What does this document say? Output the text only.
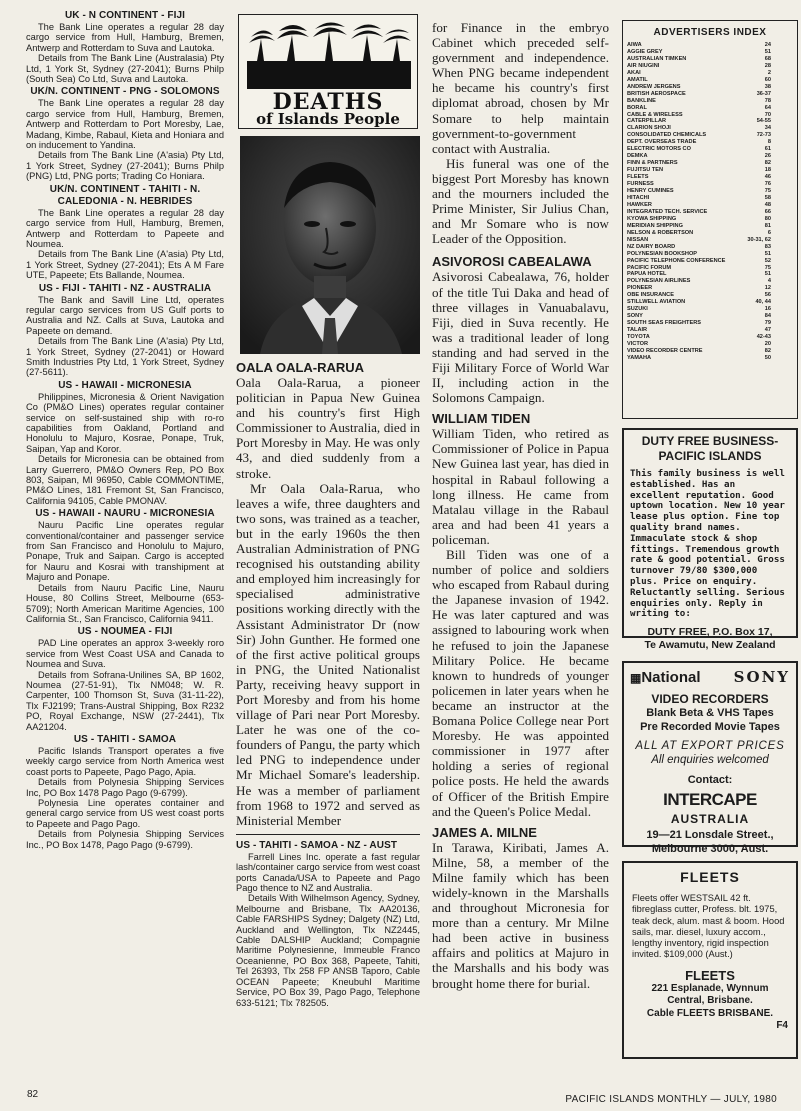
UK - N CONTINENT - FIJI
The Bank Line operates a regular 28 day cargo service from Hull, Hamburg, Bremen, Antwerp and Rotterdam to Suva and Lautoka.
Details from The Bank Line (Australasia) Pty Ltd, 1 York St, Sydney (27-2041); Burns Philp (South Sea) Co Ltd, Suva and Lautoka.
UK/N. CONTINENT - PNG - SOLOMONS
The Bank Line operates a regular 28 day cargo service from Hull, Hamburg, Bremen, Antwerp and Rotterdam to Port Moresby, Lae, Madang, Kimbe, Rabaul, Kieta and Honiara and on inducement to Yandina.
Details from The Bank Line (A'asia) Pty Ltd, 1 York Street, Sydney (27-2041); Burns Philp (PNG) Ltd, PNG ports; Trading Co Honiara.
UK/N. CONTINENT - TAHITI - N. CALEDONIA - N. HEBRIDES
The Bank Line operates a regular 28 day cargo service from Hull, Hamburg, Bremen, Antwerp and Rotterdam to Papeete and Noumea.
Details from The Bank Line (A'asia) Pty Ltd, 1 York Street, Sydney (27-2041); Ets A M Fare UTE, Papeete; Ets Ballande, Noumea.
US - FIJI - TAHITI - NZ - AUSTRALIA
The Bank and Savill Line Ltd, operates regular cargo services from US Gulf ports to Australia and NZ. Calls at Suva, Lautoka and Papeete on demand.
Details from The Bank Line (A'asia) Pty Ltd, 1 York Street, Sydney (27-2041) or Howard Smith Industries Pty Ltd, 1 York Street, Sydney (27-5611).
US - HAWAII - MICRONESIA
Philippines, Micronesia & Orient Navigation Co (PM&O Lines) operates regular container service on self-sustained ship with ro-ro capabilities from Oakland, Portland and Honolulu to Majuro, Kosrae, Ponape, Truk, Saipan, Yap and Koror.
Details for Micronesia can be obtained from Larry Guerrero, PM&O Owners Rep, PO Box 803, Saipan, MI 96950, Cable COMMONTIME, PM&O Lines, 181 Fremont St, San Francisco, California 94105, Cable PMONAV.
US - HAWAII - NAURU - MICRONESIA
Nauru Pacific Line operates regular conventional/container and passenger service from San Francisco and Honolulu to Majuro, Ponape, Truk and Saipan. Cargo is accepted for Nauru and Kosrai with transhipment at Majuro and Ponape.
Details from Nauru Pacific Line, Nauru House, 80 Collins Street, Melbourne (653-5709); North American Maritime Agencies, 100 California St., San Francisco, California 9411.
US - NOUMEA - FIJI
PAD Line operates an approx 3-weekly roro service from West Coast USA and Canada to Noumea and Suva.
Details from Sofrana-Unilines SA, BP 1602, Noumea (27-51-91), Tlx NM048; W. R. Carpenter, 100 Thomson St, Suva (31-11-22), Tlx FJ2199; Trans-Austral Shipping, Box R232 PO, Royal Exchange, NSW (27-2441), Tlx AA21204.
US - TAHITI - SAMOA
Pacific Islands Transport operates a five weekly cargo service from North America west coast ports to Papeete, Pago Pago, Apia.
Details from Polynesia Shipping Services Inc, PO Box 1478 Pago Pago (9-6799).
Polynesia Line operates container and general cargo service from US west coast ports to Papeete and Pago Pago.
Details from Polynesia Shipping Services Inc., PO Box 1478, Pago Pago (9-6799).
DEATHS
of Islands People
OALA OALA-RARUA
Oala Oala-Rarua, a pioneer politician in Papua New Guinea and his country's first High Commissioner to Australia, died in Port Moresby in May. He was only 43, and died suddenly from a stroke.
Mr Oala Oala-Rarua, who leaves a wife, three daughters and two sons, was trained as a teacher, but in the early 1960s the then Australian Administration of PNG recognised his outstanding ability and employed him increasingly for specialised administrative positions working directly with the Assistant Administrator Dr (now Sir) John Gunther. He formed one of the first active political groups in PNG, the United Nationalist Party, receiving heavy support in Port Moresby and from his home village of Pari near Port Moresby. Later he was one of the co-founders of Pangu, the party which led PNG to independence under Mr Michael Somare's leadership. He was a member of parliament from 1968 to 1972 and served as Ministerial Member
US - TAHITI - SAMOA - NZ - AUST
Farrell Lines Inc. operate a fast regular lash/container cargo service from west coast ports Canada/USA to Papeete and Pago Pago thence to NZ and Australia.
Details With Wilhelmson Agency, Sydney, Melbourne and Brisbane, Tlx AA20136, Cable FARSHIPS Sydney; Dalgety (NZ) Ltd, Auckland and Wellington, Tlx NZ2445, Cable DALSHIP Auckland; Compagnie Maritime Polynesienne, Immeuble Franco Oceanienne, PO Box 368, Papeete, Tahiti, Tel 26393, Tlx 258 FP ANSB Taporo, Cable OCEAN Papeete; Kneubuhl Maritime Service, PO Box 39, Pago Pago, Telephone 633-5121; Tlx 782505.
for Finance in the embryo Cabinet which preceded self-government and independence. When PNG became independent he became his country's first diplomat abroad, chosen by Mr Somare to help maintain government-to-government contact with Australia.
His funeral was one of the biggest Port Moresby has known and the mourners included the Prime Minister, Sir Julius Chan, and Mr Somare who is now Leader of the Opposition.
ASIVOROSI CABEALAWA
Asivorosi Cabealawa, 76, holder of the title Tui Daka and head of three villages in Vanuabalavu, Fiji, died in Suva recently. He was a traditional leader of long standing and had served in the Fiji Military Force of World War II, including action in the Solomons Campaign.
WILLIAM TIDEN
William Tiden, who retired as Commissioner of Police in Papua New Guinea last year, has died in hospital in Rabaul following a long illness. He came from Matalau village in the Rabaul area and had been 41 years a policeman.
Bill Tiden was one of a number of police and soldiers who escaped from Rabaul during the Japanese invasion of 1942. He was later captured and was assigned to labouring work when he refused to join the Japanese Military Police. He became known to hundreds of younger policemen in later years when he became an instructor at the Bomana Police College near Port Moresby. He was appointed commissioner in 1977 after holding a series of regional police posts. He held the awards of Officer of the British Empire and the Queen's Police Medal.
JAMES A. MILNE
In Tarawa, Kiribati, James A. Milne, 58, a member of the Milne family which has been widely-known in the Marshalls and throughout Micronesia for more than a century. Mr Milne had been active in business affairs and politics at Majuro in the Marshalls and his body was brought home there for burial.
ADVERTISERS INDEX
AIWA	24
AGGIE GREY	51
AUSTRALIAN TIMKEN	68
AIR NIUGINI	28
AKAI	2
AMATIL	60
ANDREW JERGENS	38
BRITISH AEROSPACE	36-37
BANKLINE	78
BORAL	64
CABLE & WIRELESS	70
CATERPILLAR	54-55
CLARION SHOJI	34
CONSOLIDATED CHEMICALS	72-73
DEPT. OVERSEAS TRADE	8
ELECTRIC MOTORS CO	61
DEMKA	26
FINN & PARTNERS	82
FUJITSU TEN	18
FLEETS	46
FURNESS	76
HENRY CUMINES	75
HITACHI	58
HAWKER	48
INTEGRATED TECH. SERVICE	66
KYOWA SHIPPING	80
MERIDIAN SHIPPING	81
NELSON & ROBERTSON	6
NISSAN	30-31, 62
NZ DAIRY BOARD	83
POLYNESIAN BOOKSHOP	51
PACIFIC TELEPHONE CONFERENCE	52
PACIFIC FORUM	75
PAPUA HOTEL	51
POLYNESIAN AIRLINES	4
PIONEER	12
OBE INSURANCE	56
STILLWELL AVIATION	40, 44
SUZUKI	16
SONY	84
SOUTH SEAS FREIGHTERS	79
TALAIR	47
TOYOTA	42-43
VICTOR	20
VIDEO RECORDER CENTRE	82
YAMAHA	50
DUTY FREE BUSINESS-
PACIFIC ISLANDS
This family business is well established. Has an excellent reputation. Good uptown location. New 10 year lease plus option. Fine top quality brand names. Immaculate stock & shop fittings. Tremendous growth rate & good potential. Gross turnover 79/80 $300,000 plus. Price on enquiry. Reluctantly selling. Serious enquiries only. Reply in writing to:
DUTY FREE, P.O. Box 17,
Te Awamutu, New Zealand
▦National SONY
VIDEO RECORDERS
Blank Beta & VHS Tapes
Pre Recorded Movie Tapes
ALL AT EXPORT PRICES
All enquiries welcomed
Contact:
INTERCAPE AUSTRALIA
19—21 Lonsdale Street.,
Melbourne 3000, Aust.
FLEETS
Fleets offer WESTSAIL 42 ft. fibreglass cutter, Profess. blt. 1975, teak deck, alum. mast & boom. Hood sails, mar. diesel, luxury accom., lengthy inventory, rigid inspection invited. $109,000 (Aust.)
FLEETS
221 Esplanade, Wynnum
Central, Brisbane.
Cable FLEETS BRISBANE.
F4
82	PACIFIC ISLANDS MONTHLY — JULY, 1980
